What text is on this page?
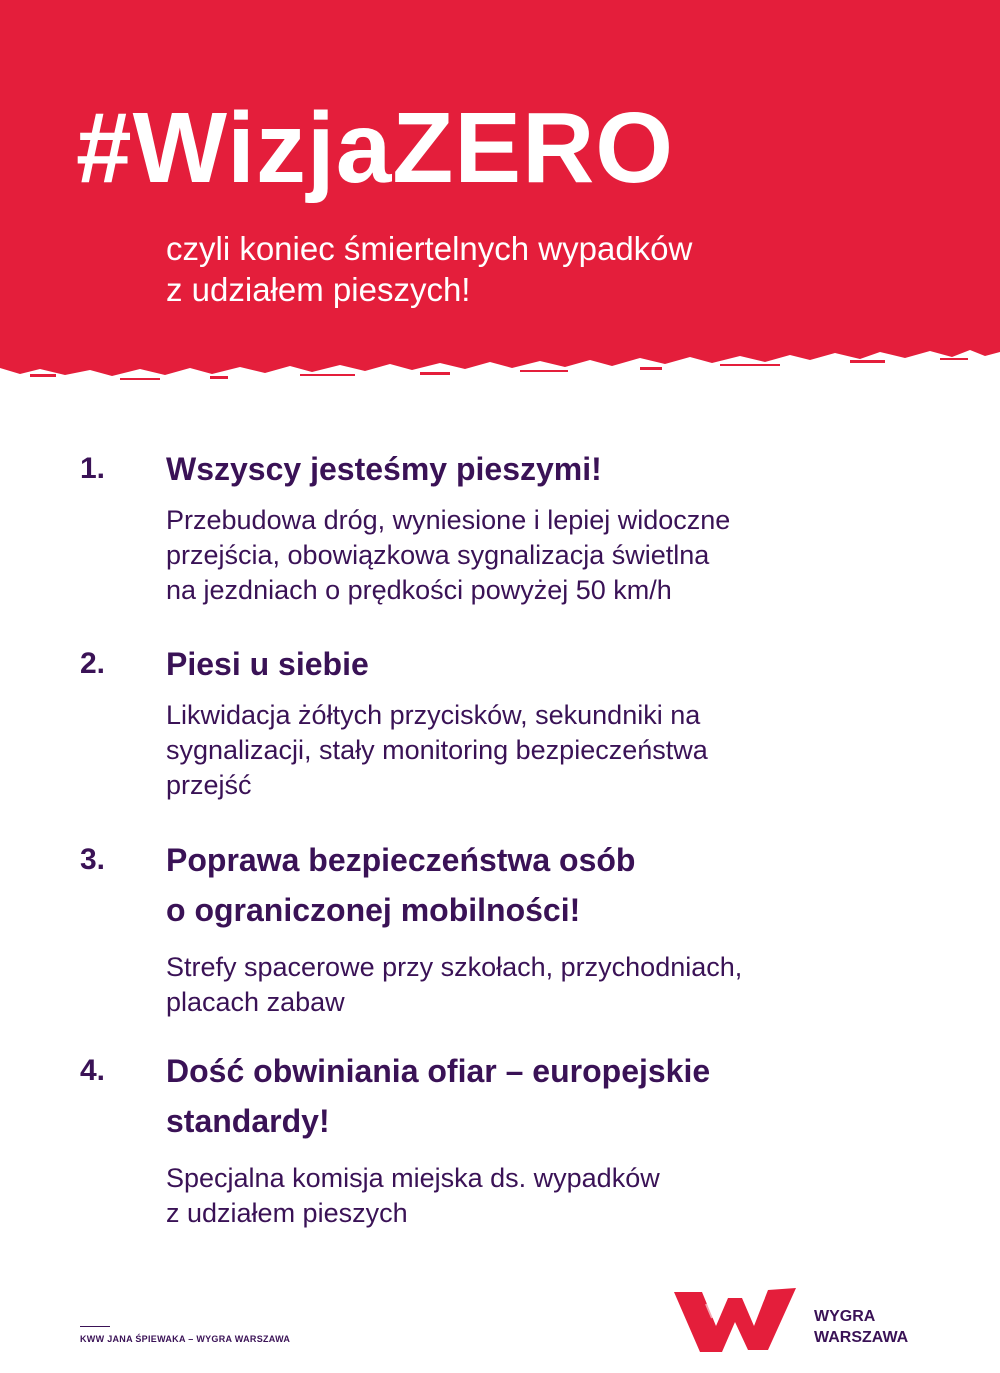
#WizjaZERO
czyli koniec śmiertelnych wypadków
z udziałem pieszych!
1. Wszyscy jesteśmy pieszymi!
Przebudowa dróg, wyniesione i lepiej widoczne
przejścia, obowiązkowa sygnalizacja świetlna
na jezdniach o prędkości powyżej 50 km/h
2. Piesi u siebie
Likwidacja żółtych przycisków, sekundniki na
sygnalizacji, stały monitoring bezpieczeństwa
przejść
3. Poprawa bezpieczeństwa osób
o ograniczonej mobilności!
Strefy spacerowe przy szkołach, przychodniach,
placach zabaw
4. Dość obwiniania ofiar – europejskie
standardy!
Specjalna komisja miejska ds. wypadków
z udziałem pieszych
KWW JANA ŚPIEWAKA – WYGRA WARSZAWA
WYGRA
WARSZAWA
